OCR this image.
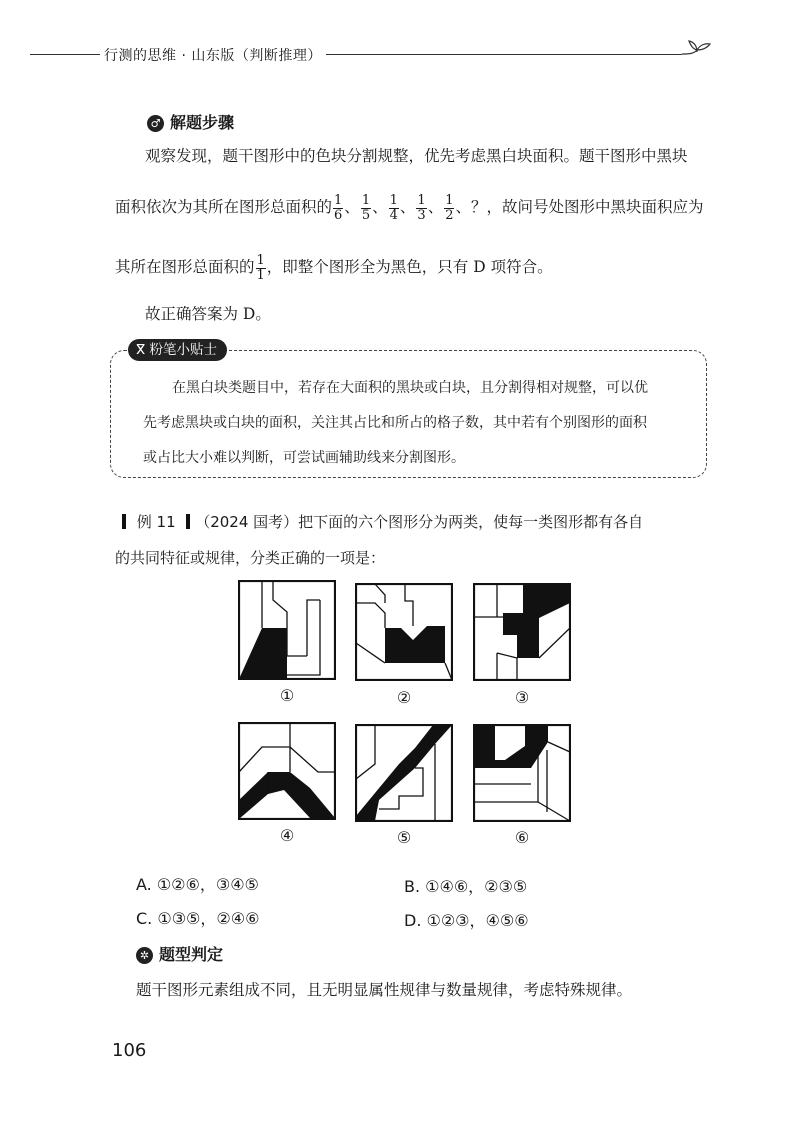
行测的思维 · 山东版（判断推理）
♂ 解题步骤
观察发现，题干图形中的色块分割规整，优先考虑黑白块面积。题干图形中黑块
面积依次为其所在图形总面积的 $\frac{1}{6}$ 、 $\frac{1}{5}$ 、 $\frac{1}{4}$ 、 $\frac{1}{3}$ 、 $\frac{1}{2}$ 、？，故问号处图形中黑块面积应为
其所在图形总面积的 $\frac{1}{1}$ ，即整个图形全为黑色，只有 D 项符合。
故正确答案为 D。
ⴳ 粉笔小贴士
在黑白块类题目中，若存在大面积的黑块或白块，且分割得相对规整，可以优
先考虑黑块或白块的面积，关注其占比和所占的格子数，其中若有个别图形的面积
或占比大小难以判断，可尝试画辅助线来分割图形。
例 11 （2024 国考）把下面的六个图形分为两类，使每一类图形都有各自
的共同特征或规律，分类正确的一项是：
①	②	③
④	⑤	⑥
A. ①②⑥，③④⑤	B. ①④⑥，②③⑤
C. ①③⑤，②④⑥	D. ①②③，④⑤⑥
✲ 题型判定
题干图形元素组成不同，且无明显属性规律与数量规律，考虑特殊规律。
106
